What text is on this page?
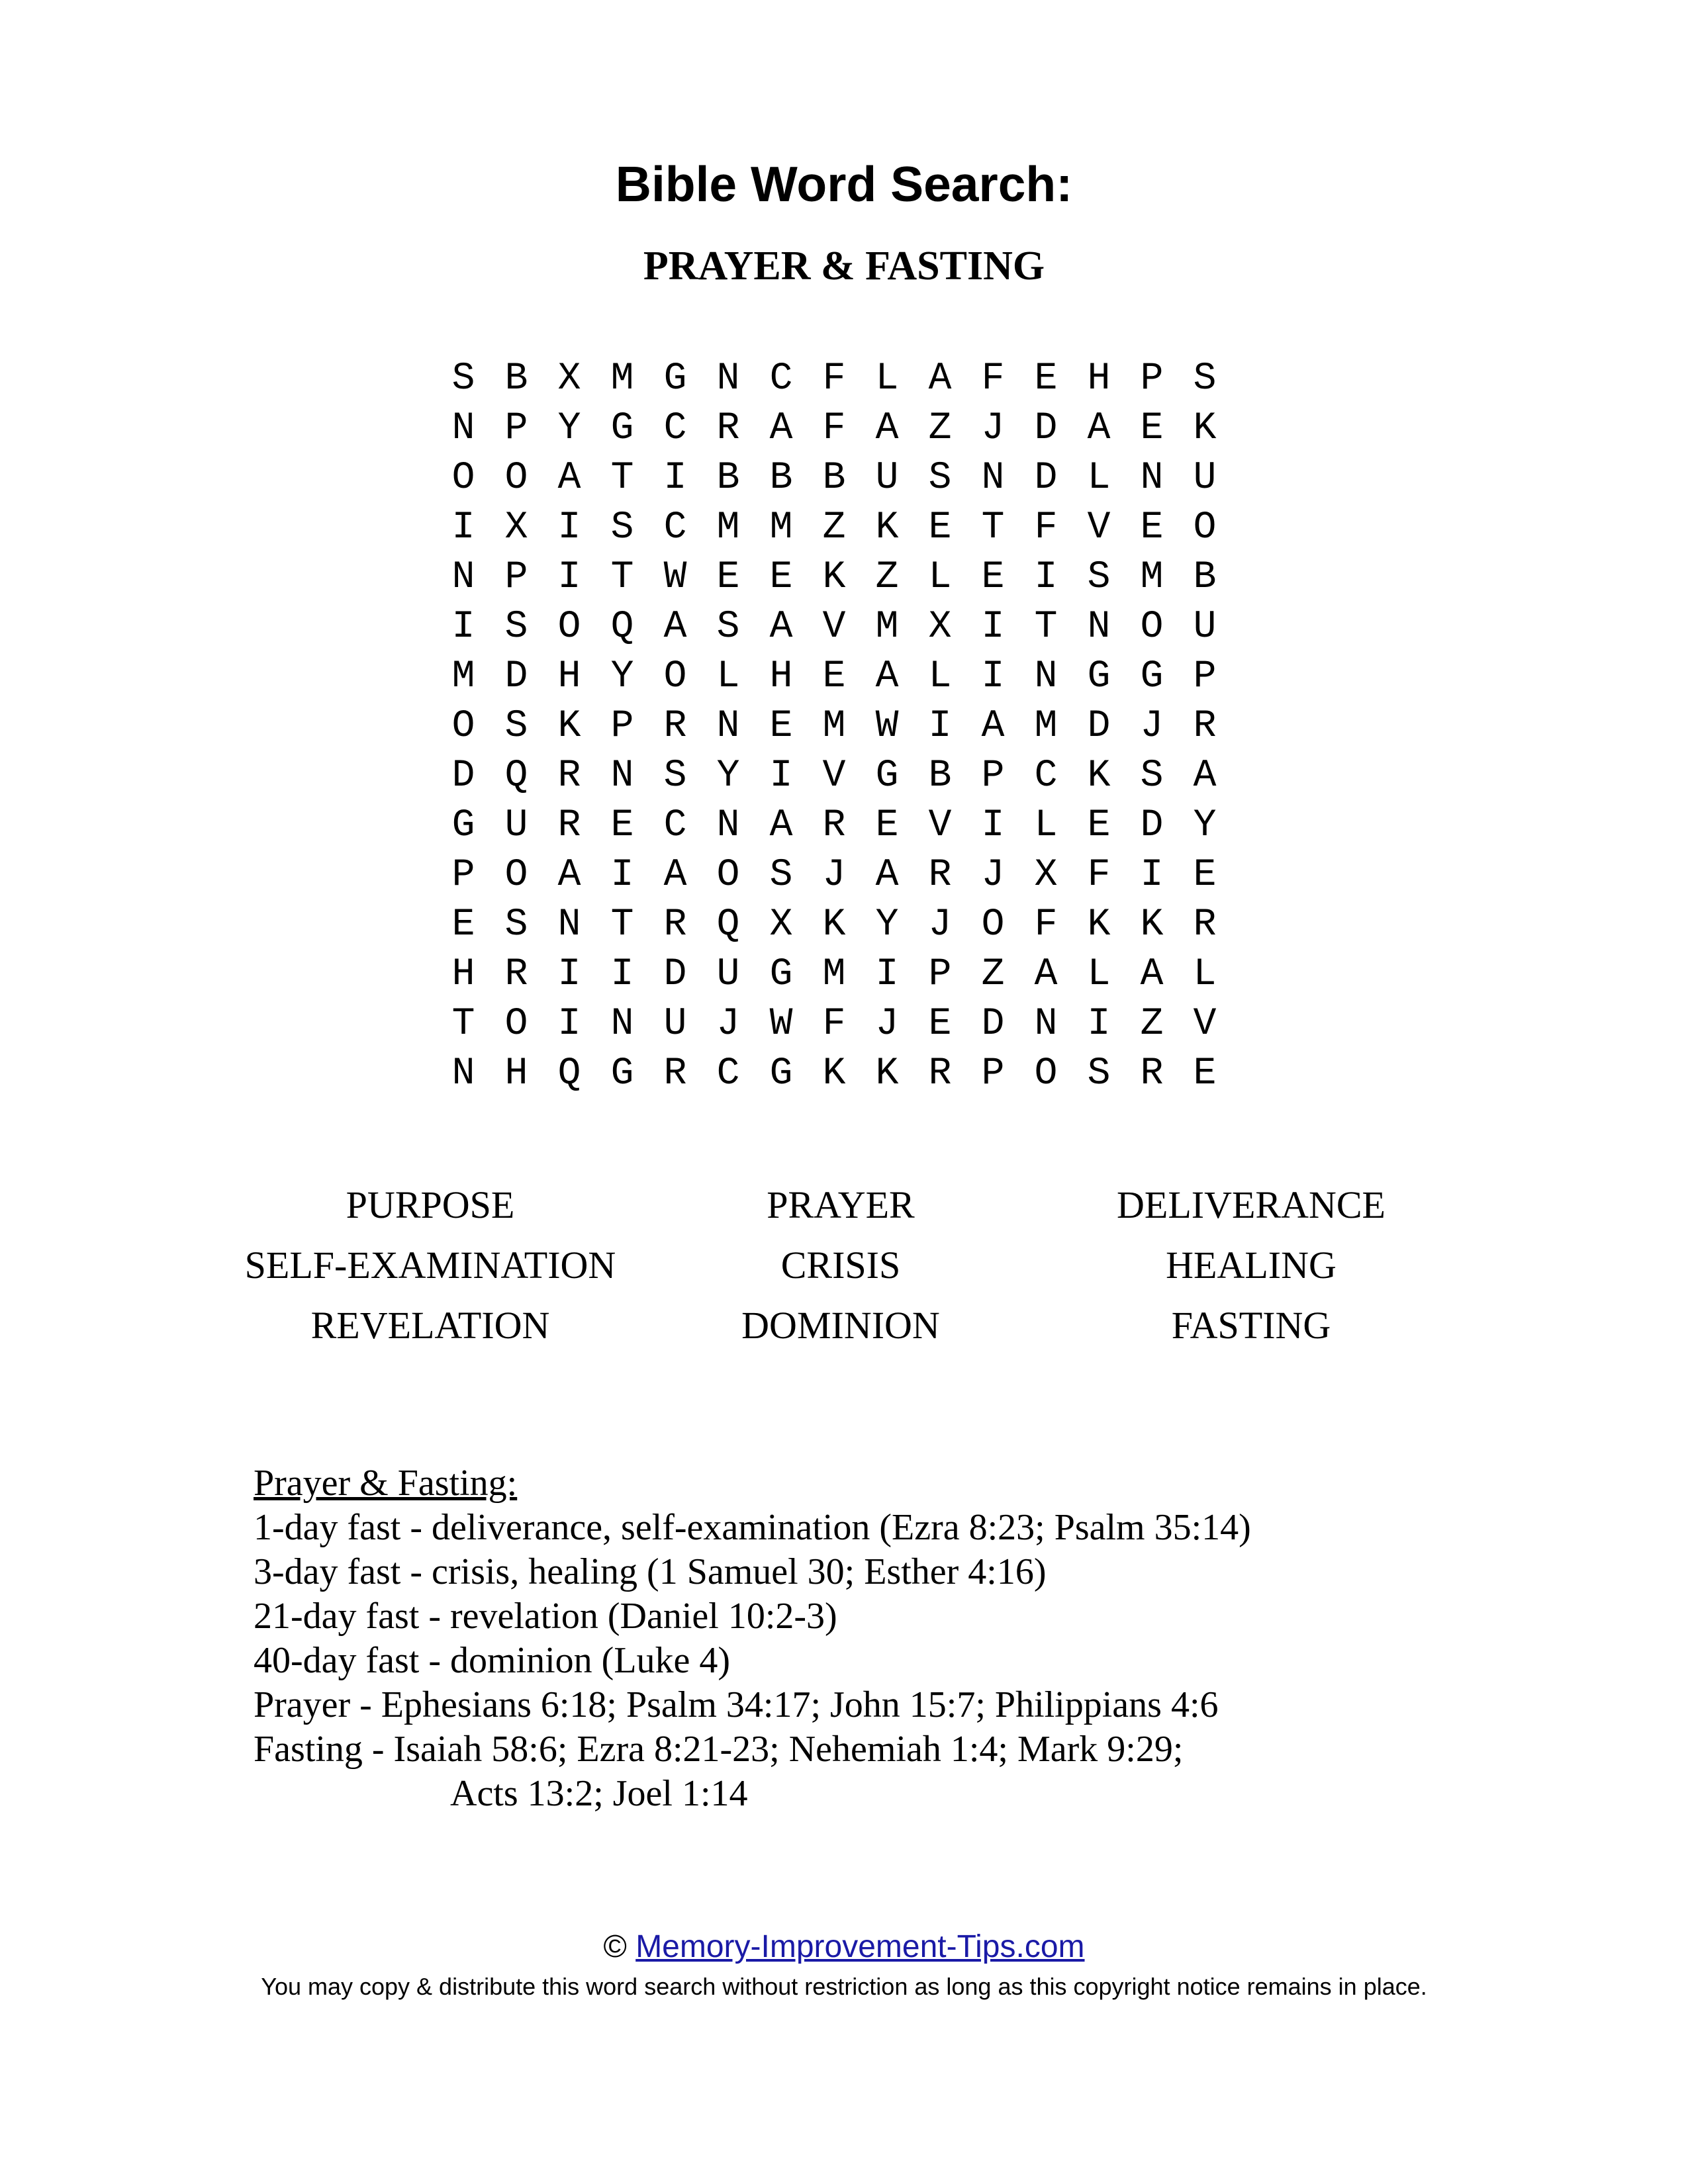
Bible Word Search:
PRAYER & FASTING
S B X M G N C F L A F E H P S
N P Y G C R A F A Z J D A E K
O O A T I B B B U S N D L N U
I X I S C M M Z K E T F V E O
N P I T W E E K Z L E I S M B
I S O Q A S A V M X I T N O U
M D H Y O L H E A L I N G G P
O S K P R N E M W I A M D J R
D Q R N S Y I V G B P C K S A
G U R E C N A R E V I L E D Y
P O A I A O S J A R J X F I E
E S N T R Q X K Y J O F K K R
H R I I D U G M I P Z A L A L
T O I N U J W F J E D N I Z V
N H Q G R C G K K R P O S R E
PURPOSE	PRAYER	DELIVERANCE
SELF-EXAMINATION	CRISIS	HEALING
REVELATION	DOMINION	FASTING
Prayer & Fasting:
1-day fast - deliverance, self-examination (Ezra 8:23; Psalm 35:14)
3-day fast - crisis, healing (1 Samuel 30; Esther 4:16)
21-day fast - revelation (Daniel 10:2-3)
40-day fast - dominion (Luke 4)
Prayer - Ephesians 6:18; Psalm 34:17; John 15:7; Philippians 4:6
Fasting - Isaiah 58:6; Ezra 8:21-23; Nehemiah 1:4; Mark 9:29;
Acts 13:2; Joel 1:14
© Memory-Improvement-Tips.com
You may copy & distribute this word search without restriction as long as this copyright notice remains in place.
